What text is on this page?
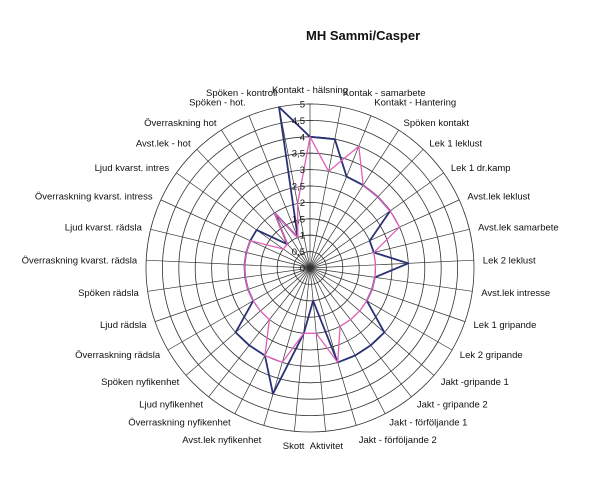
MH Sammi/Casper
0
0,5
1
1,5
2
2,5
3
3,5
4
4,5
5
Kontakt - hälsning
Kontak - samarbete
Kontakt - Hantering
Spöken kontakt
Lek 1 leklust
Lek 1 dr.kamp
Avst.lek leklust
Avst.lek samarbete
Lek 2 leklust
Avst.lek intresse
Lek 1 gripande
Lek 2 gripande
Jakt -gripande 1
Jakt - gripande 2
Jakt - förföljande 1
Jakt - förföljande 2
Aktivitet
Skott
Avst.lek nyfikenhet
Överraskning nyfikenhet
Ljud nyfikenhet
Spöken nyfikenhet
Överraskning rädsla
Ljud rädsla
Spöken rädsla
Överraskning kvarst. rädsla
Ljud kvarst. rädsla
Överraskning kvarst. intress
Ljud kvarst. intres
Avst.lek - hot
Överraskning hot
Spöken - hot.
Spöken - kontroll
